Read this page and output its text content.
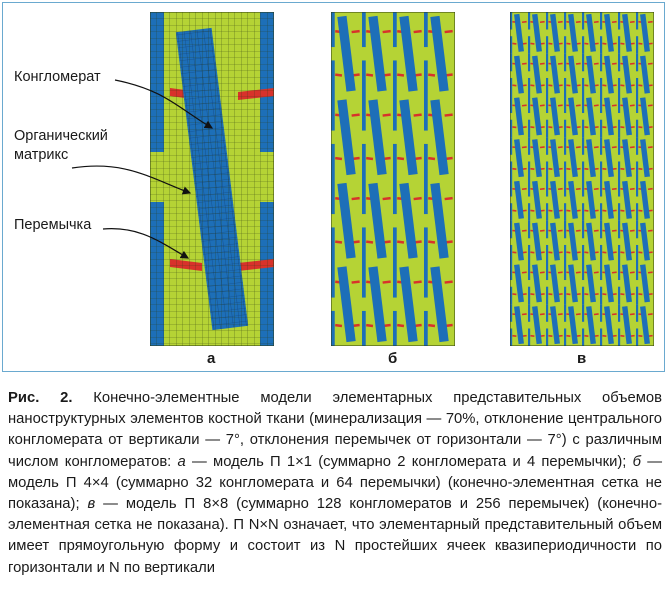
Конгломерат
Органический
матрикс
Перемычка
а	б	в
Рис. 2. Конечно-элементные модели элементарных представительных объемов наноструктурных элементов костной ткани (минерализация — 70%, отклонение центрального конгломерата от вертикали — 7°, отклонения перемычек от горизонтали — 7°) с различным числом конгломератов: а — модель П 1×1 (суммарно 2 конгломерата и 4 перемычки); б — модель П 4×4 (суммарно 32 конгломерата и 64 перемычки) (конечно-элементная сетка не показана); в — модель П 8×8 (суммарно 128 конгломератов и 256 перемычек) (конечно-элементная сетка не показана). П N×N означает, что элементарный представительный объем имеет прямоугольную форму и состоит из N простейших ячеек квазипериодичности по горизонтали и N по вертикали
